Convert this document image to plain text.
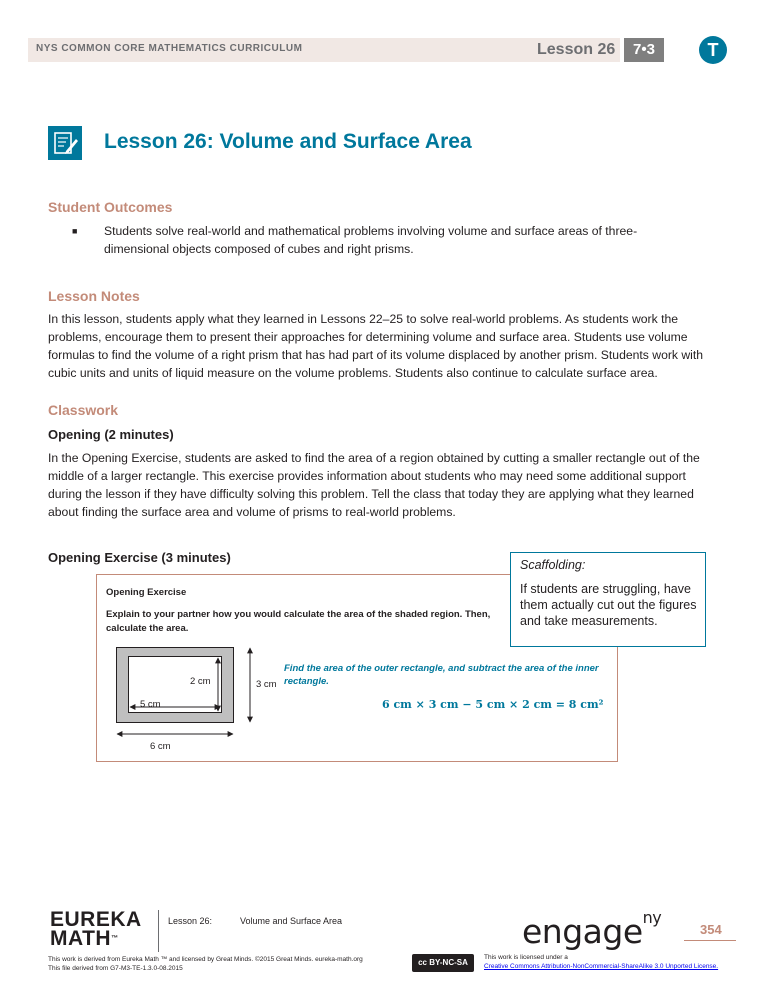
NYS COMMON CORE MATHEMATICS CURRICULUM	Lesson 26	7•3	T
Lesson 26: Volume and Surface Area
Student Outcomes
■ Students solve real-world and mathematical problems involving volume and surface areas of three-dimensional objects composed of cubes and right prisms.
Lesson Notes
In this lesson, students apply what they learned in Lessons 22–25 to solve real-world problems. As students work the problems, encourage them to present their approaches for determining volume and surface area. Students use volume formulas to find the volume of a right prism that has had part of its volume displaced by another prism. Students work with cubic units and units of liquid measure on the volume problems. Students also continue to calculate surface area.
Classwork
Opening (2 minutes)
In the Opening Exercise, students are asked to find the area of a region obtained by cutting a smaller rectangle out of the middle of a larger rectangle. This exercise provides information about students who may need some additional support during the lesson if they have difficulty solving this problem. Tell the class that today they are applying what they learned about finding the surface area and volume of prisms to real-world problems.
Opening Exercise (3 minutes)
Opening Exercise
Explain to your partner how you would calculate the area of the shaded region. Then, calculate the area.
2 cm	3 cm
5 cm
6 cm
Find the area of the outer rectangle, and subtract the area of the inner rectangle.
6 cm × 3 cm − 5 cm × 2 cm = 8 cm²
Scaffolding:
If students are struggling, have them actually cut out the figures and take measurements.
EUREKA
MATH™
Lesson 26:	Volume and Surface Area
This work is derived from Eureka Math ™ and licensed by Great Minds. ©2015 Great Minds. eureka-math.org
This file derived from G7-M3-TE-1.3.0-08.2015
engage$^{ny}$
354
cc BY-NC-SA
This work is licensed under a
Creative Commons Attribution-NonCommercial-ShareAlike 3.0 Unported License.
